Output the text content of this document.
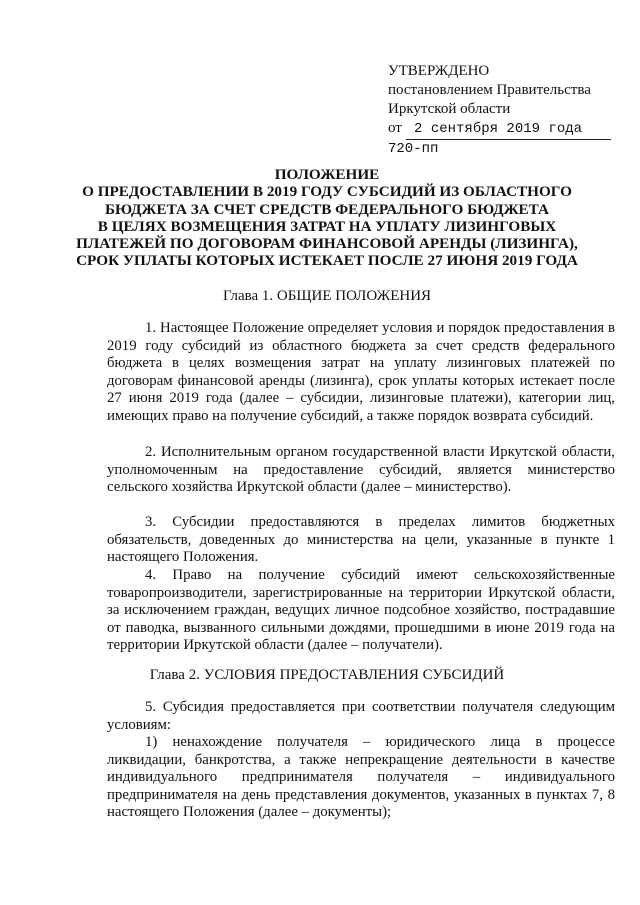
УТВЕРЖДЕНО
постановлением Правительства
Иркутской области
от 2 сентября 2019 года
720-пп
ПОЛОЖЕНИЕ
О ПРЕДОСТАВЛЕНИИ В 2019 ГОДУ СУБСИДИЙ ИЗ ОБЛАСТНОГО
БЮДЖЕТА ЗА СЧЕТ СРЕДСТВ ФЕДЕРАЛЬНОГО БЮДЖЕТА
В ЦЕЛЯХ ВОЗМЕЩЕНИЯ ЗАТРАТ НА УПЛАТУ ЛИЗИНГОВЫХ
ПЛАТЕЖЕЙ ПО ДОГОВОРАМ ФИНАНСОВОЙ АРЕНДЫ (ЛИЗИНГА),
СРОК УПЛАТЫ КОТОРЫХ ИСТЕКАЕТ ПОСЛЕ 27 ИЮНЯ 2019 ГОДА
Глава 1. ОБЩИЕ ПОЛОЖЕНИЯ

1. Настоящее Положение определяет условия и порядок предоставления в 2019 году субсидий из областного бюджета за счет средств федерального бюджета в целях возмещения затрат на уплату лизинговых платежей по договорам финансовой аренды (лизинга), срок уплаты которых истекает после 27 июня 2019 года (далее – субсидии, лизинговые платежи), категории лиц, имеющих право на получение субсидий, а также порядок возврата субсидий.

2. Исполнительным органом государственной власти Иркутской области, уполномоченным на предоставление субсидий, является министерство сельского хозяйства Иркутской области (далее – министерство).

3. Субсидии предоставляются в пределах лимитов бюджетных обязательств, доведенных до министерства на цели, указанные в пункте 1 настоящего Положения.

4. Право на получение субсидий имеют сельскохозяйственные товаропроизводители, зарегистрированные на территории Иркутской области, за исключением граждан, ведущих личное подсобное хозяйство, пострадавшие от паводка, вызванного сильными дождями, прошедшими в июне 2019 года на территории Иркутской области (далее – получатели).

Глава 2. УСЛОВИЯ ПРЕДОСТАВЛЕНИЯ СУБСИДИЙ

5. Субсидия предоставляется при соответствии получателя следующим условиям:

1) ненахождение получателя – юридического лица в процессе ликвидации, банкротства, а также непрекращение деятельности в качестве индивидуального предпринимателя получателя – индивидуального предпринимателя на день представления документов, указанных в пунктах 7, 8 настоящего Положения (далее – документы);
